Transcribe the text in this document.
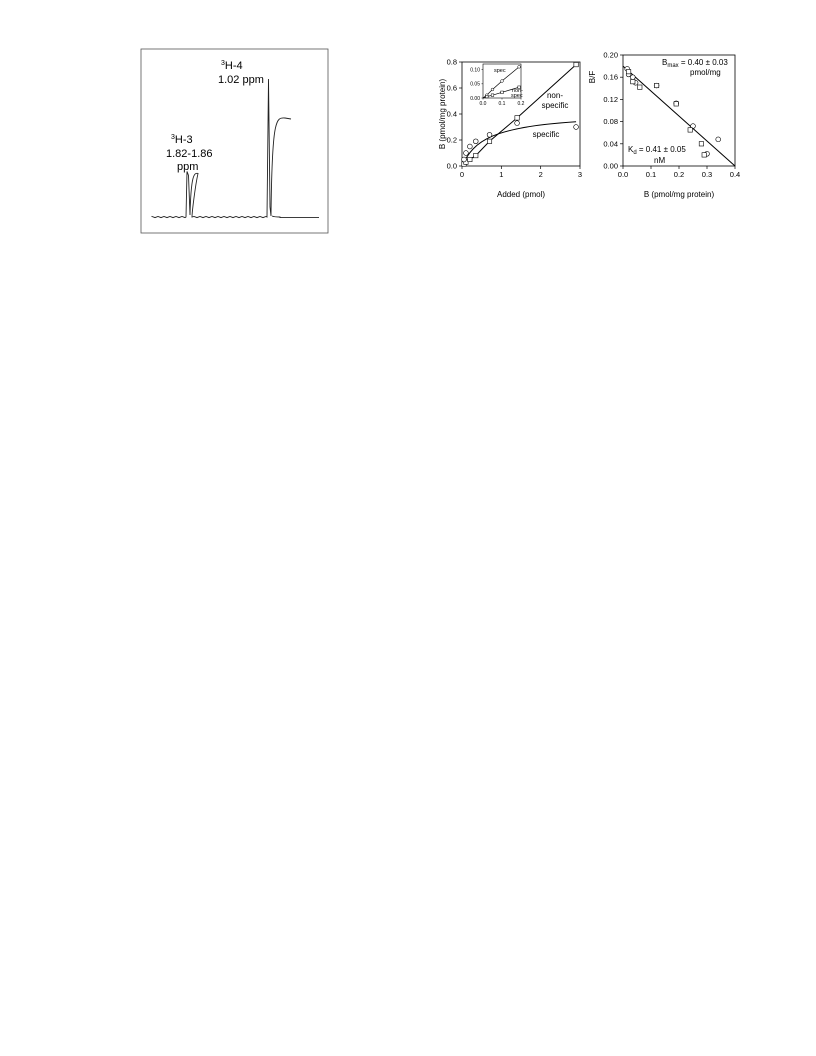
$^3$H-4
1.02 ppm
$^3$H-3
1.82-1.86
ppm
0	1	2	3
0.0
0.2
0.4
0.6
0.8
0.0 0.1 0.2
0.00
0.05
0.10	spec
non-
spec
Added (pmol)
B (pmol/mg protein)	non-
specific
specific
0.0 0.1 0.2 0.3 0.4
0.00
0.04
0.08
0.12
0.16
0.20
B (pmol/mg protein)
B/F
$B_{max} = 0.40 \pm 0.03$
pmol/mg
$K_d = 0.41 \pm 0.05$
nM
